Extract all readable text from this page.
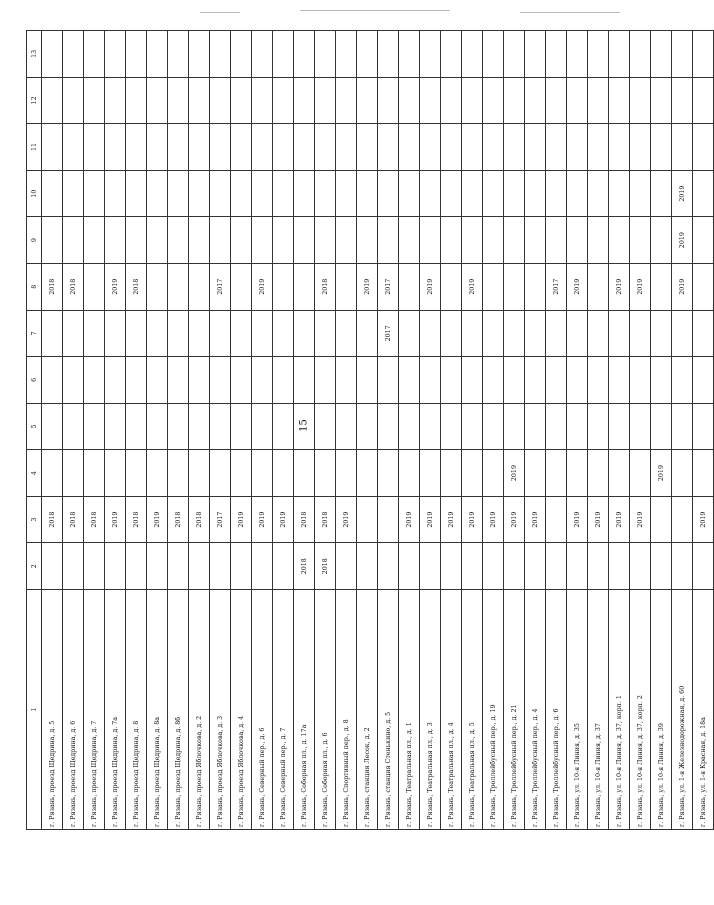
15
1	2	3	4	5	6	7	8	9	10	11	12	13
г. Рязань, проезд Щедрина, д. 5		2018					2018					
г. Рязань, проезд Щедрина, д. 6		2018					2018					
г. Рязань, проезд Щедрина, д. 7		2018										
г. Рязань, проезд Щедрина, д. 7а		2019					2019					
г. Рязань, проезд Щедрина, д. 8		2018					2018					
г. Рязань, проезд Щедрина, д. 8а		2019										
г. Рязань, проезд Щедрина, д. 8б		2018										
г. Рязань, проезд Яблочкова, д. 2		2018										
г. Рязань, проезд Яблочкова, д. 3		2017					2017					
г. Рязань, проезд Яблочкова, д. 4		2019										
г. Рязань, Северный пер., д. 6		2019					2019					
г. Рязань, Северный пер., д. 7		2019										
г. Рязань, Соборная пл., д. 17а	2018	2018										
г. Рязань, Соборная пл., д. 6	2018	2018					2018					
г. Рязань, Спортивный пер., д. 8		2019										
г. Рязань, станция Лесок, д. 2							2019					
г. Рязань, станция Стенькино, д. 5						2017	2017					
г. Рязань, Театральная пл., д. 1		2019										
г. Рязань, Театральная пл., д. 3		2019					2019					
г. Рязань, Театральная пл., д. 4		2019										
г. Рязань, Театральная пл., д. 5		2019					2019					
г. Рязань, Троллейбусный пер., д. 19		2019										
г. Рязань, Троллейбусный пер., д. 21		2019	2019									
г. Рязань, Троллейбусный пер., д. 4		2019										
г. Рязань, Троллейбусный пер., д. 6							2017					
г. Рязань, ул. 10-я Линия, д. 35		2019					2019					
г. Рязань, ул. 10-я Линия, д. 37		2019										
г. Рязань, ул. 10-я Линия, д. 37, корп. 1		2019					2019					
г. Рязань, ул. 10-я Линия, д. 37, корп. 2		2019					2019					
г. Рязань, ул. 10-я Линия, д. 39			2019									
г. Рязань, ул. 1-я Железнодорожная, д. 60							2019	2019	2019			
г. Рязань, ул. 1-я Красная, д. 18а		2019										
